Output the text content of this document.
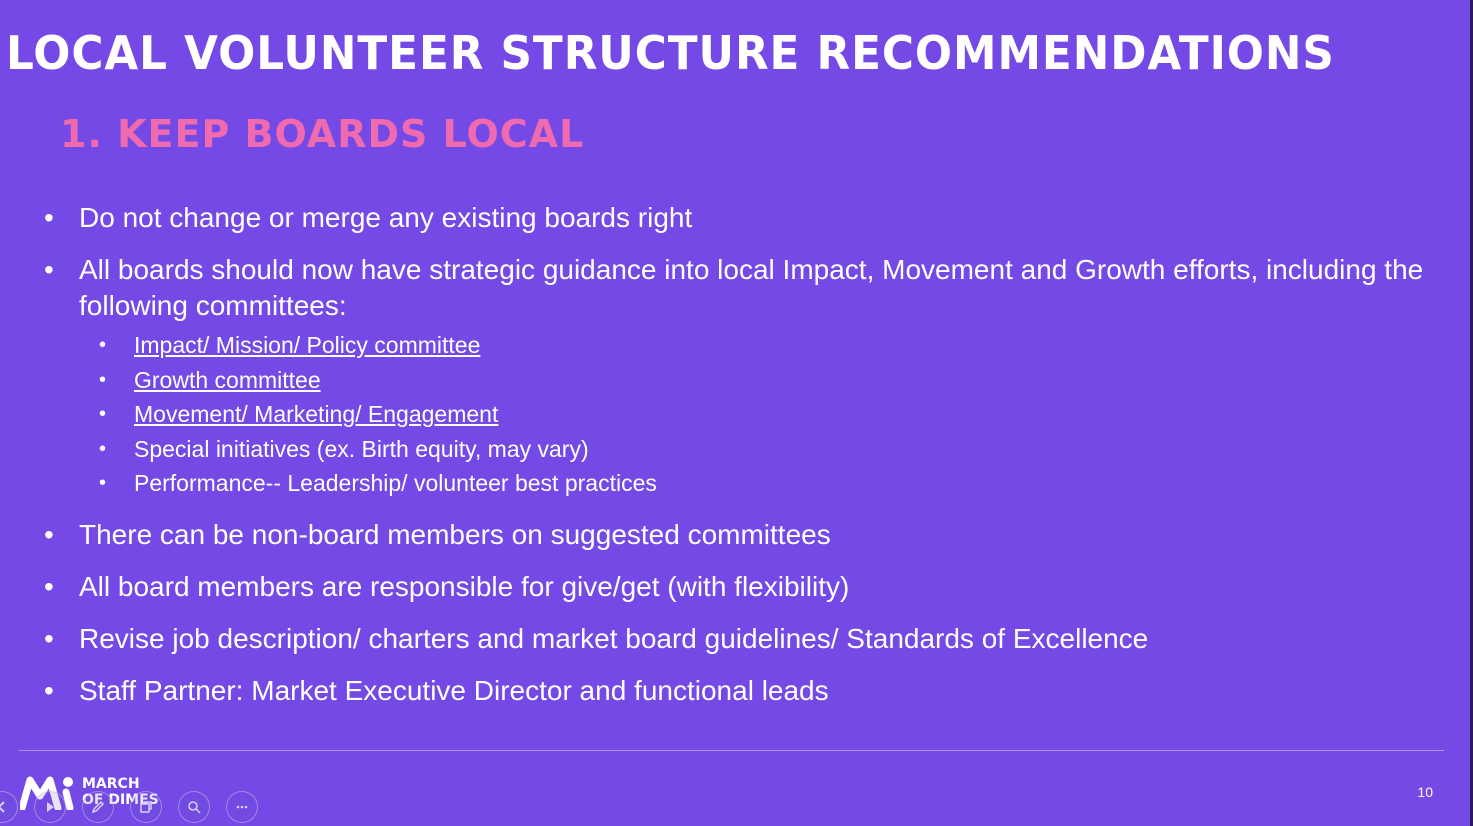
LOCAL VOLUNTEER STRUCTURE RECOMMENDATIONS
1. KEEP BOARDS LOCAL
• Do not change or merge any existing boards right
• All boards should now have strategic guidance into local Impact, Movement and Growth efforts, including the following committees:
• Impact/ Mission/ Policy committee
• Growth committee
• Movement/ Marketing/ Engagement
• Special initiatives (ex. Birth equity, may vary)
• Performance-- Leadership/ volunteer best practices
• There can be non-board members on suggested committees
• All board members are responsible for give/get (with flexibility)
• Revise job description/ charters and market board guidelines/ Standards of Excellence
• Staff Partner: Market Executive Director and functional leads
MARCH
OF DIMES	10
